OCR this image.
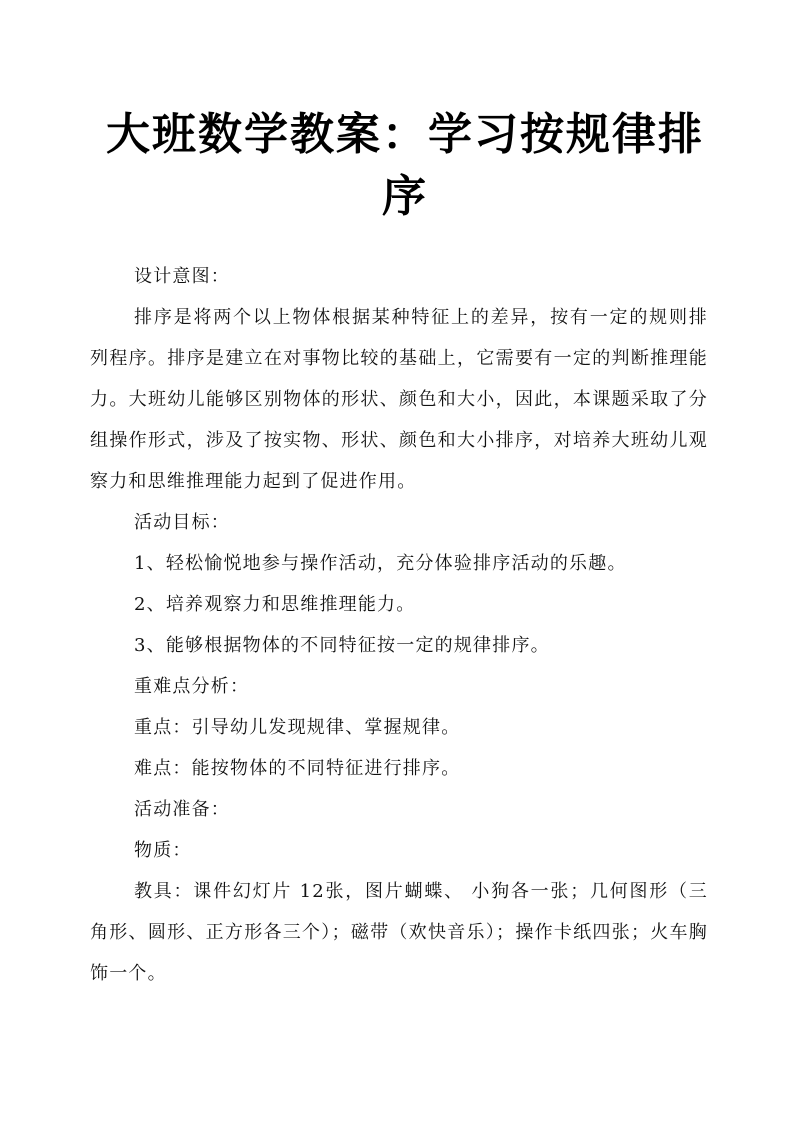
大班数学教案：学习按规律排序

设计意图：

排序是将两个以上物体根据某种特征上的差异，按有一定的规则排列程序。排序是建立在对事物比较的基础上，它需要有一定的判断推理能力。大班幼儿能够区别物体的形状、颜色和大小，因此，本课题采取了分组操作形式，涉及了按实物、形状、颜色和大小排序，对培养大班幼儿观察力和思维推理能力起到了促进作用。

活动目标：

1、轻松愉悦地参与操作活动，充分体验排序活动的乐趣。

2、培养观察力和思维推理能力。

3、能够根据物体的不同特征按一定的规律排序。

重难点分析：

重点：引导幼儿发现规律、掌握规律。

难点：能按物体的不同特征进行排序。

活动准备：

物质：

教具：课件幻灯片 12张，图片蝴蝶、 小狗各一张；几何图形（三角形、圆形、正方形各三个）；磁带（欢快音乐）；操作卡纸四张；火车胸饰一个。
